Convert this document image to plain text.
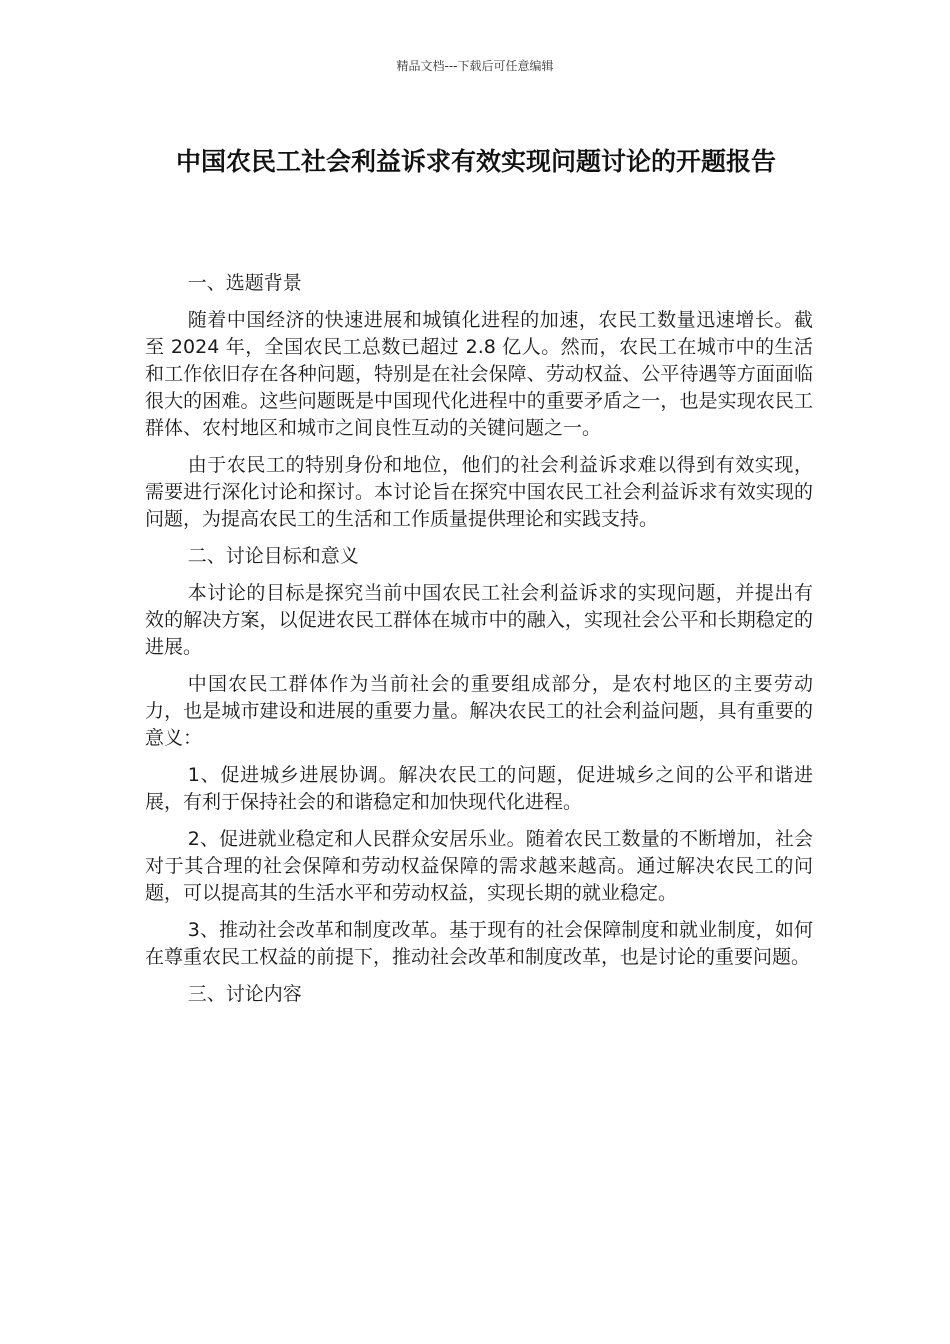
精品文档---下载后可任意编辑
中国农民工社会利益诉求有效实现问题讨论的开题报告

一、选题背景

随着中国经济的快速进展和城镇化进程的加速，农民工数量迅速增长。截至 2024 年，全国农民工总数已超过 2.8 亿人。然而，农民工在城市中的生活和工作依旧存在各种问题，特别是在社会保障、劳动权益、公平待遇等方面面临很大的困难。这些问题既是中国现代化进程中的重要矛盾之一，也是实现农民工群体、农村地区和城市之间良性互动的关键问题之一。

由于农民工的特别身份和地位，他们的社会利益诉求难以得到有效实现，需要进行深化讨论和探讨。本讨论旨在探究中国农民工社会利益诉求有效实现的问题，为提高农民工的生活和工作质量提供理论和实践支持。

二、讨论目标和意义

本讨论的目标是探究当前中国农民工社会利益诉求的实现问题，并提出有效的解决方案，以促进农民工群体在城市中的融入，实现社会公平和长期稳定的进展。

中国农民工群体作为当前社会的重要组成部分，是农村地区的主要劳动力，也是城市建设和进展的重要力量。解决农民工的社会利益问题，具有重要的意义：

1、促进城乡进展协调。解决农民工的问题，促进城乡之间的公平和谐进展，有利于保持社会的和谐稳定和加快现代化进程。

2、促进就业稳定和人民群众安居乐业。随着农民工数量的不断增加，社会对于其合理的社会保障和劳动权益保障的需求越来越高。通过解决农民工的问题，可以提高其的生活水平和劳动权益，实现长期的就业稳定。

3、推动社会改革和制度改革。基于现有的社会保障制度和就业制度，如何在尊重农民工权益的前提下，推动社会改革和制度改革，也是讨论的重要问题。

三、讨论内容
